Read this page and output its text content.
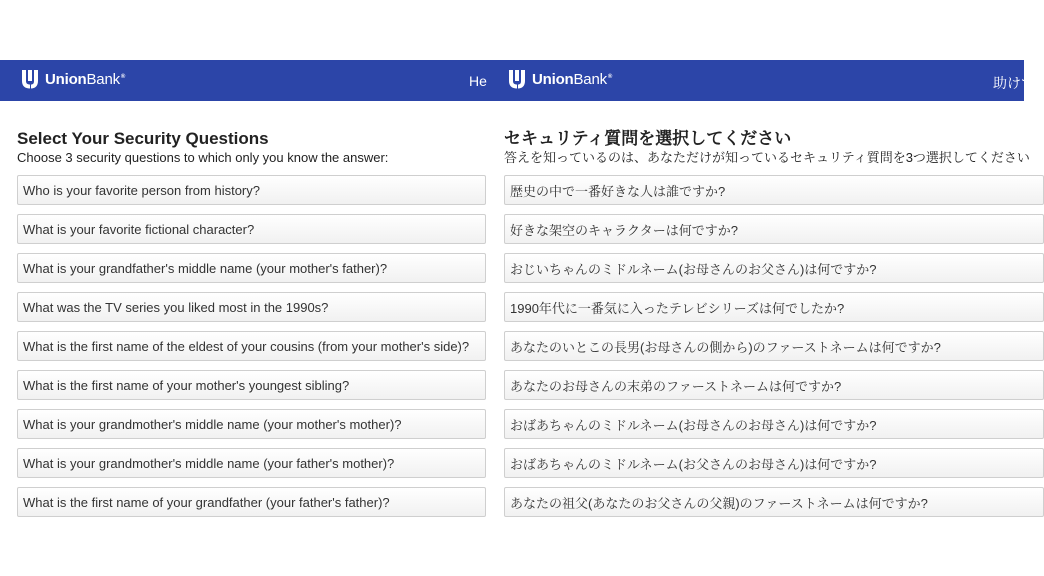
UnionBank®	He
Select Your Security Questions

Choose 3 security questions to which only you know the answer:

Who is your favorite person from history?
What is your favorite fictional character?
What is your grandfather's middle name (your mother's father)?
What was the TV series you liked most in the 1990s?
What is the first name of the eldest of your cousins (from your mother's side)?
What is the first name of your mother's youngest sibling?
What is your grandmother's middle name (your mother's mother)?
What is your grandmother's middle name (your father's mother)?
What is the first name of your grandfather (your father's father)?
UnionBank®	助けて
セキュリティ質問を選択してください

答えを知っているのは、あなただけが知っているセキュリティ質問を3つ選択してください

歴史の中で一番好きな人は誰ですか?
好きな架空のキャラクターは何ですか?
おじいちゃんのミドルネーム(お母さんのお父さん)は何ですか?
1990年代に一番気に入ったテレビシリーズは何でしたか?
あなたのいとこの長男(お母さんの側から)のファーストネームは何ですか?
あなたのお母さんの末弟のファーストネームは何ですか?
おばあちゃんのミドルネーム(お母さんのお母さん)は何ですか?
おばあちゃんのミドルネーム(お父さんのお母さん)は何ですか?
あなたの祖父(あなたのお父さんの父親)のファーストネームは何ですか?
